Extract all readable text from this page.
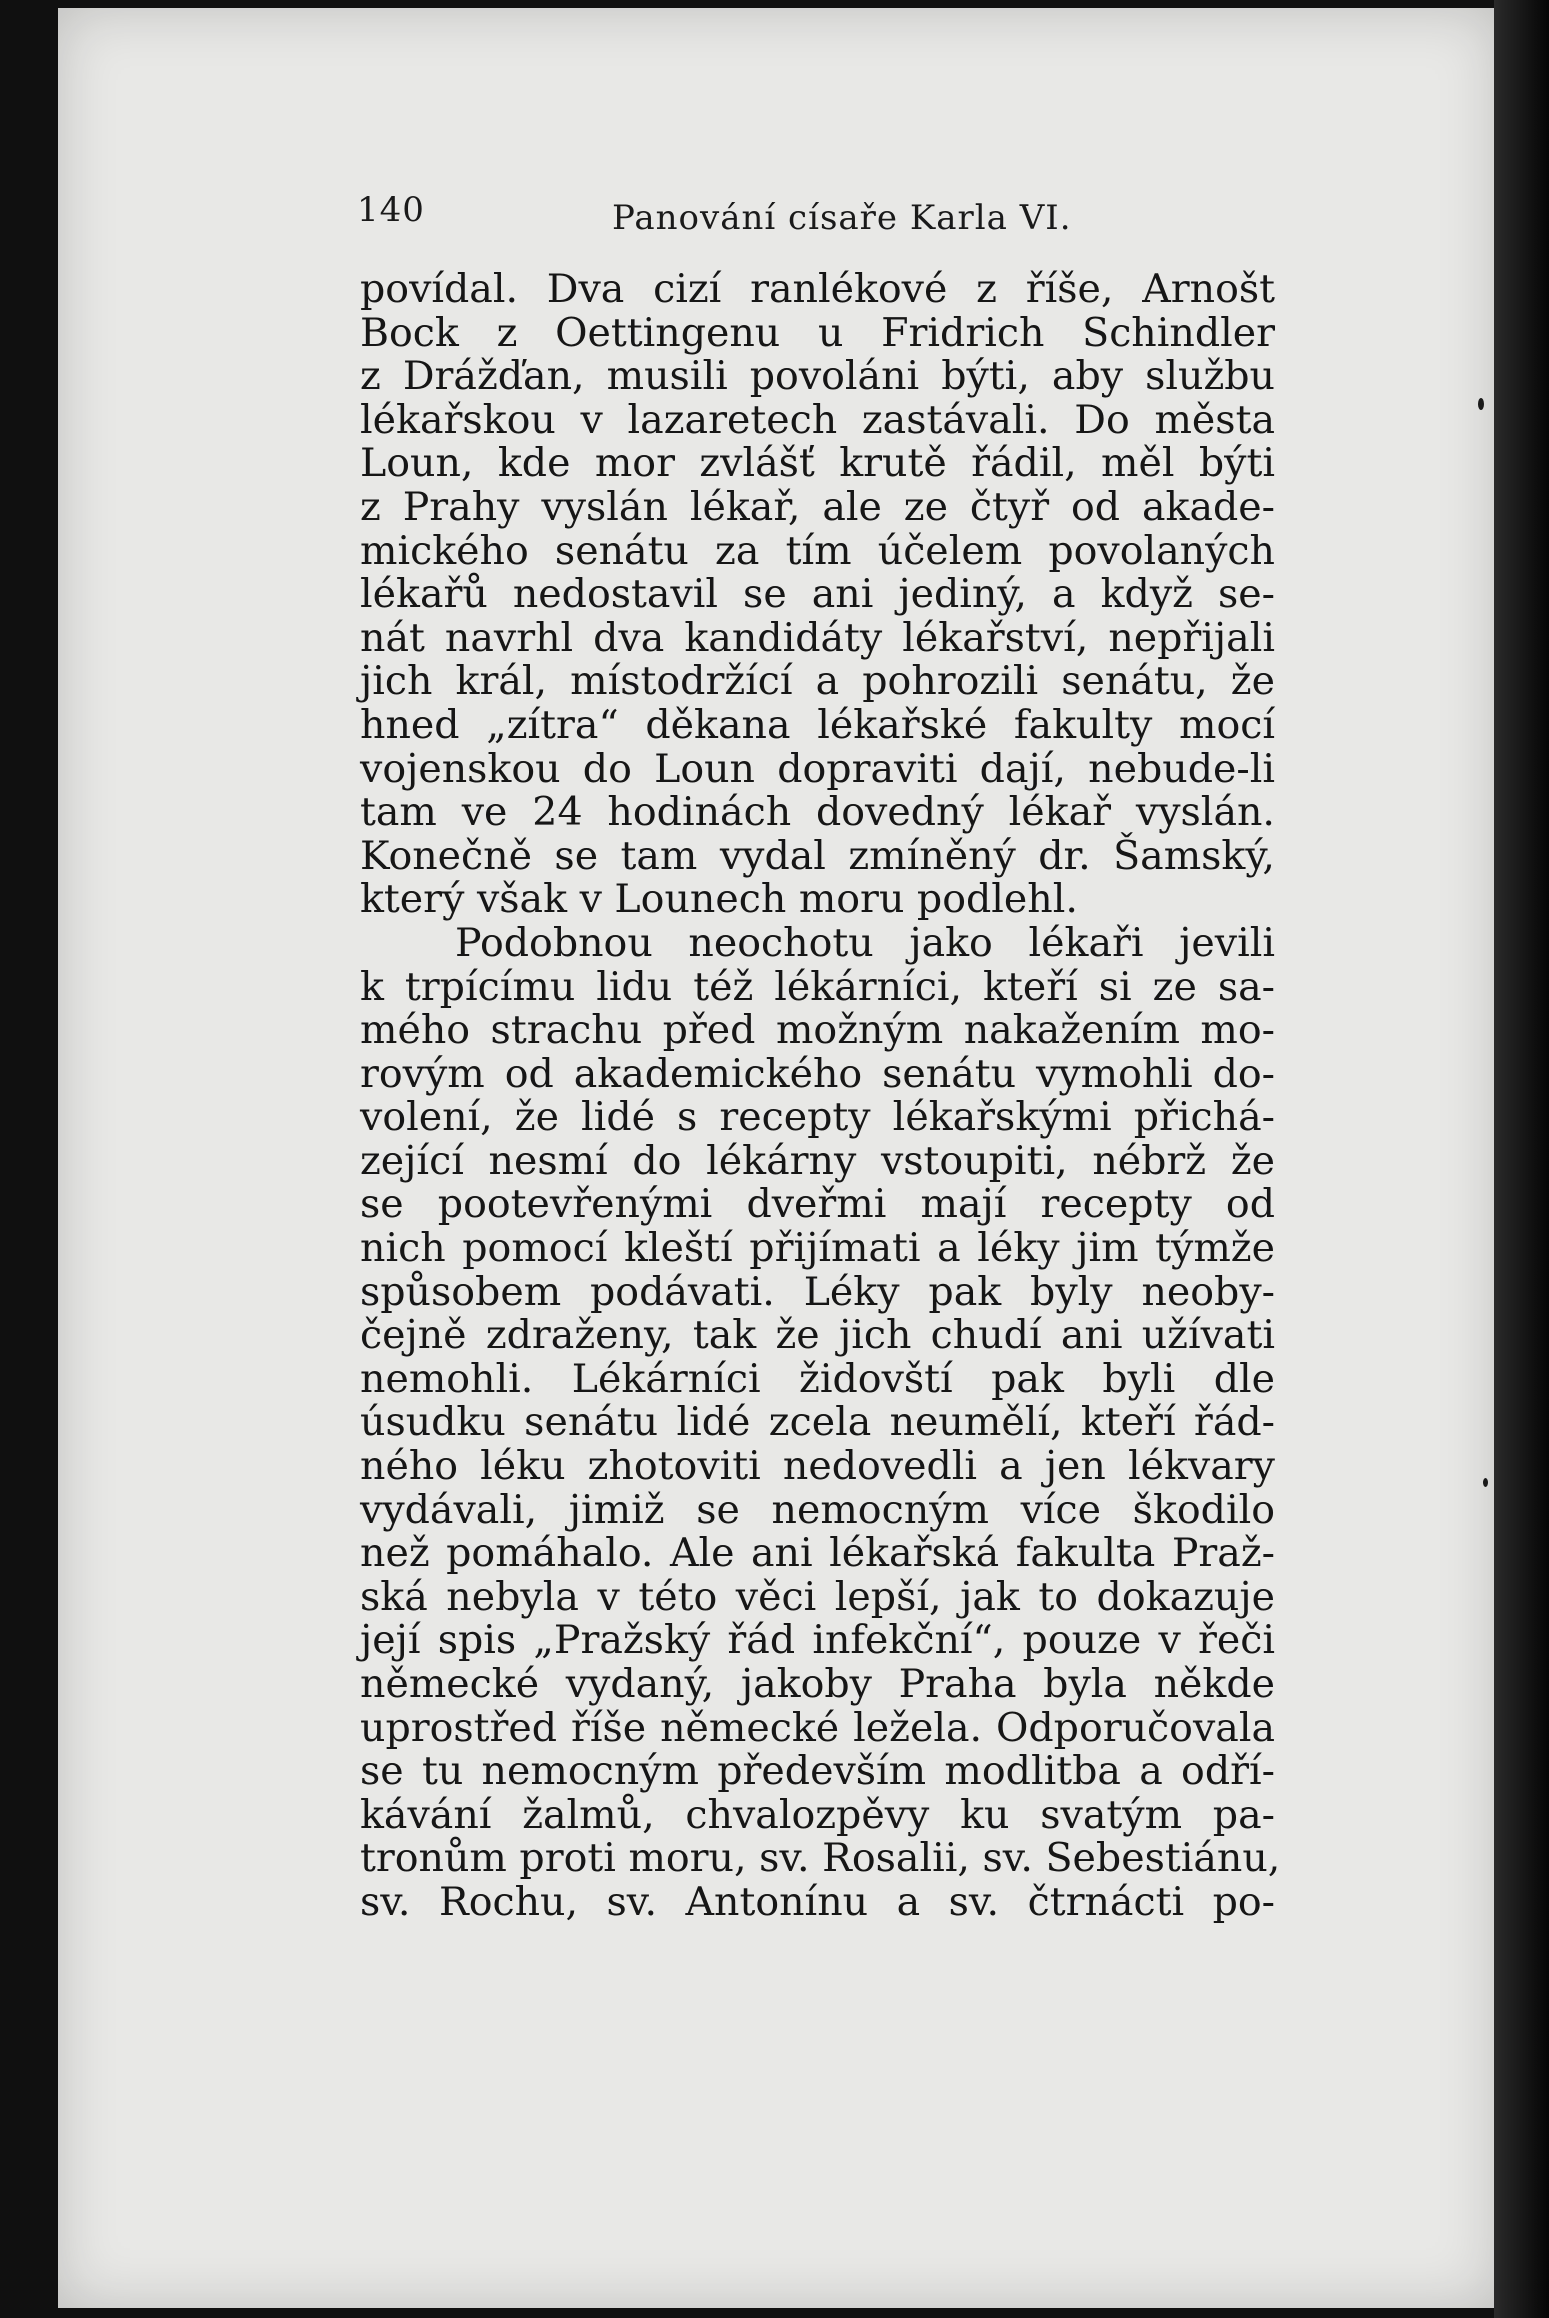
140	Panování císaře Karla VI.
povídal. Dva cizí ranlékové z říše, Arnošt
Bock z Oettingenu u Fridrich Schindler
z Drážďan, musili povoláni býti, aby službu
lékařskou v lazaretech zastávali. Do města
Loun, kde mor zvlášť krutě řádil, měl býti
z Prahy vyslán lékař, ale ze čtyř od akade-
mického senátu za tím účelem povolaných
lékařů nedostavil se ani jediný, a když se-
nát navrhl dva kandidáty lékařství, nepřijali
jich král, místodržící a pohrozili senátu, že
hned „zítra“ děkana lékařské fakulty mocí
vojenskou do Loun dopraviti dají, nebude-li
tam ve 24 hodinách dovedný lékař vyslán.
Konečně se tam vydal zmíněný dr. Šamský,
který však v Lounech moru podlehl.
Podobnou neochotu jako lékaři jevili
k trpícímu lidu též lékárníci, kteří si ze sa-
mého strachu před možným nakažením mo-
rovým od akademického senátu vymohli do-
volení, že lidé s recepty lékařskými přichá-
zející nesmí do lékárny vstoupiti, nébrž že
se pootevřenými dveřmi mají recepty od
nich pomocí kleští přijímati a léky jim týmže
spůsobem podávati. Léky pak byly neoby-
čejně zdraženy, tak že jich chudí ani užívati
nemohli. Lékárníci židovští pak byli dle
úsudku senátu lidé zcela neumělí, kteří řád-
ného léku zhotoviti nedovedli a jen lékvary
vydávali, jimiž se nemocným více škodilo
než pomáhalo. Ale ani lékařská fakulta Praž-
ská nebyla v této věci lepší, jak to dokazuje
její spis „Pražský řád infekční“, pouze v řeči
německé vydaný, jakoby Praha byla někde
uprostřed říše německé ležela. Odporučovala
se tu nemocným především modlitba a odří-
kávání žalmů, chvalozpěvy ku svatým pa-
tronům proti moru, sv. Rosalii, sv. Sebestiánu,
sv. Rochu, sv. Antonínu a sv. čtrnácti po-
